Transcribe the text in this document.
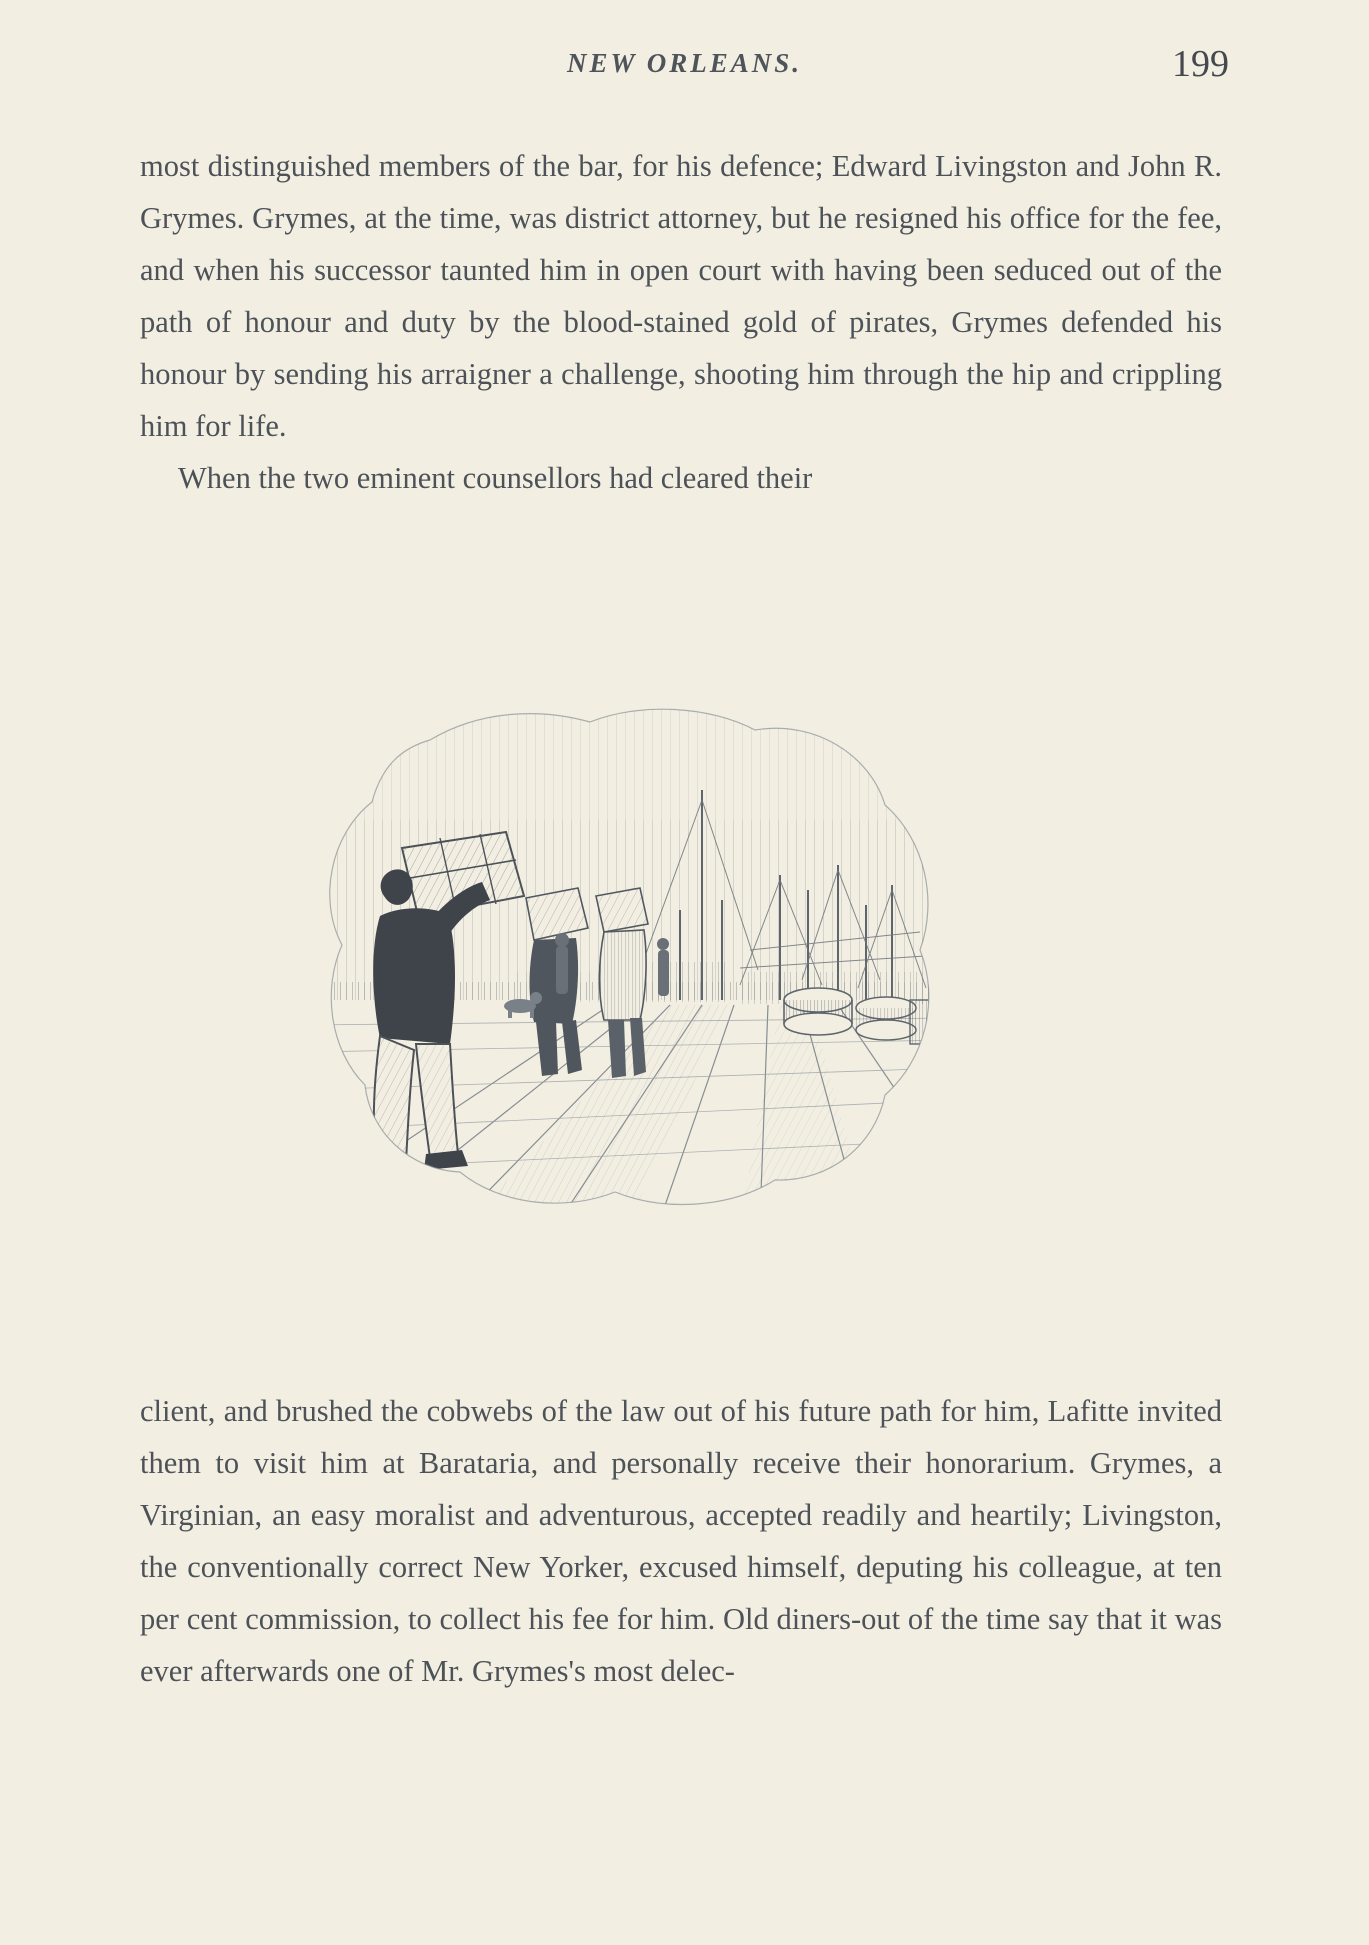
NEW ORLEANS.	199

most distinguished members of the bar, for his defence; Edward Livingston and John R. Grymes. Grymes, at the time, was district attorney, but he resigned his office for the fee, and when his successor taunted him in open court with having been seduced out of the path of honour and duty by the blood-stained gold of pirates, Grymes defended his honour by sending his arraigner a challenge, shooting him through the hip and crippling him for life.

When the two eminent counsellors had cleared their

client, and brushed the cobwebs of the law out of his future path for him, Lafitte invited them to visit him at Barataria, and personally receive their honorarium. Grymes, a Virginian, an easy moralist and adventurous, accepted readily and heartily; Livingston, the conventionally correct New Yorker, excused himself, deputing his colleague, at ten per cent commission, to collect his fee for him. Old diners-out of the time say that it was ever afterwards one of Mr. Grymes's most delec-
